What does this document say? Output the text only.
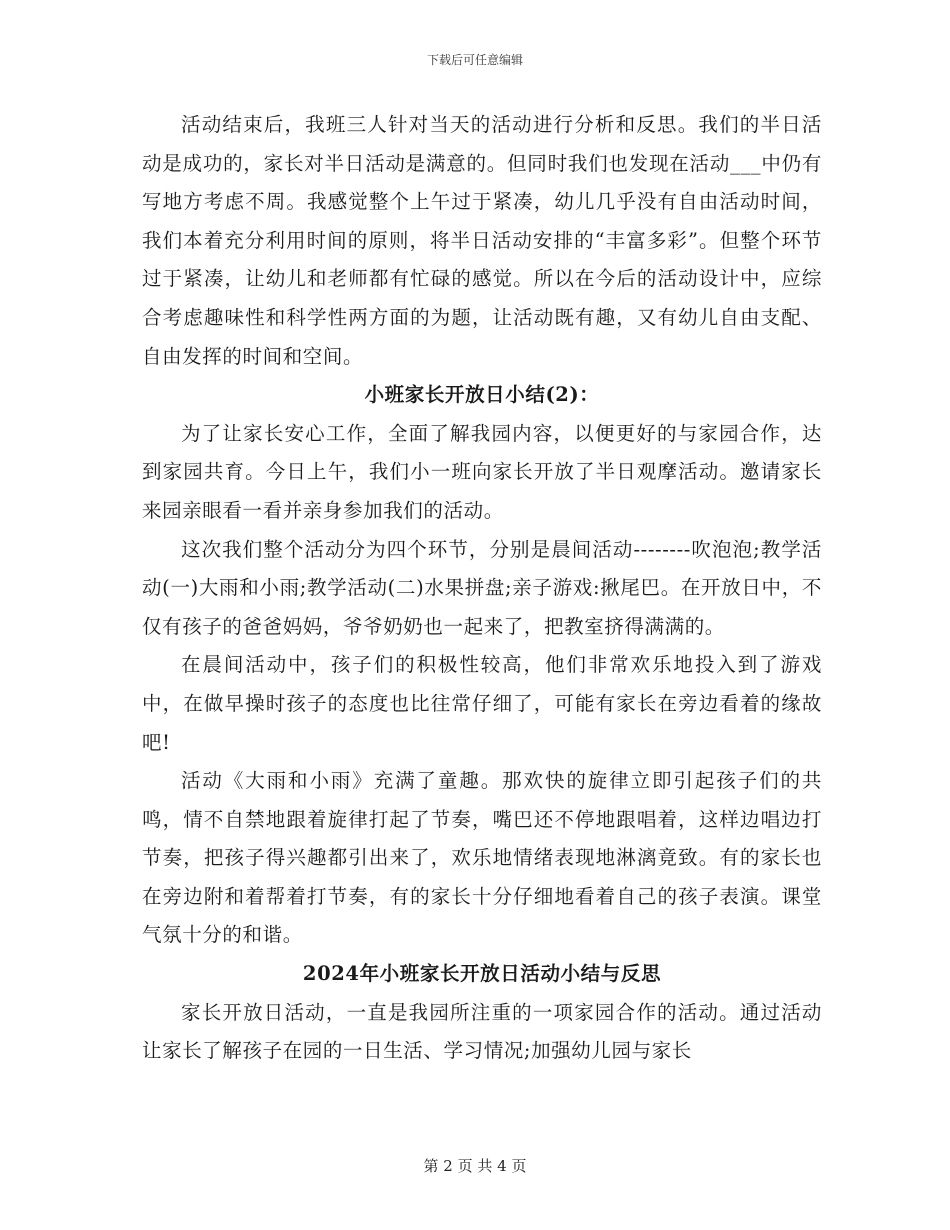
下载后可任意编辑

活动结束后，我班三人针对当天的活动进行分析和反思。我们的半日活动是成功的，家长对半日活动是满意的。但同时我们也发现在活动___中仍有写地方考虑不周。我感觉整个上午过于紧凑，幼儿几乎没有自由活动时间，我们本着充分利用时间的原则，将半日活动安排的“丰富多彩”。但整个环节过于紧凑，让幼儿和老师都有忙碌的感觉。所以在今后的活动设计中，应综合考虑趣味性和科学性两方面的为题，让活动既有趣，又有幼儿自由支配、自由发挥的时间和空间。

小班家长开放日小结(2)：

为了让家长安心工作，全面了解我园内容，以便更好的与家园合作，达到家园共育。今日上午，我们小一班向家长开放了半日观摩活动。邀请家长来园亲眼看一看并亲身参加我们的活动。

这次我们整个活动分为四个环节，分别是晨间活动--------吹泡泡;教学活动(一)大雨和小雨;教学活动(二)水果拼盘;亲子游戏:揪尾巴。在开放日中，不仅有孩子的爸爸妈妈，爷爷奶奶也一起来了，把教室挤得满满的。

在晨间活动中，孩子们的积极性较高，他们非常欢乐地投入到了游戏中，在做早操时孩子的态度也比往常仔细了，可能有家长在旁边看着的缘故吧!

活动《大雨和小雨》充满了童趣。那欢快的旋律立即引起孩子们的共鸣，情不自禁地跟着旋律打起了节奏，嘴巴还不停地跟唱着，这样边唱边打节奏，把孩子得兴趣都引出来了，欢乐地情绪表现地淋漓竟致。有的家长也在旁边附和着帮着打节奏，有的家长十分仔细地看着自己的孩子表演。课堂气氛十分的和谐。

2024年小班家长开放日活动小结与反思

家长开放日活动，一直是我园所注重的一项家园合作的活动。通过活动让家长了解孩子在园的一日生活、学习情况;加强幼儿园与家长

第 2 页 共 4 页
